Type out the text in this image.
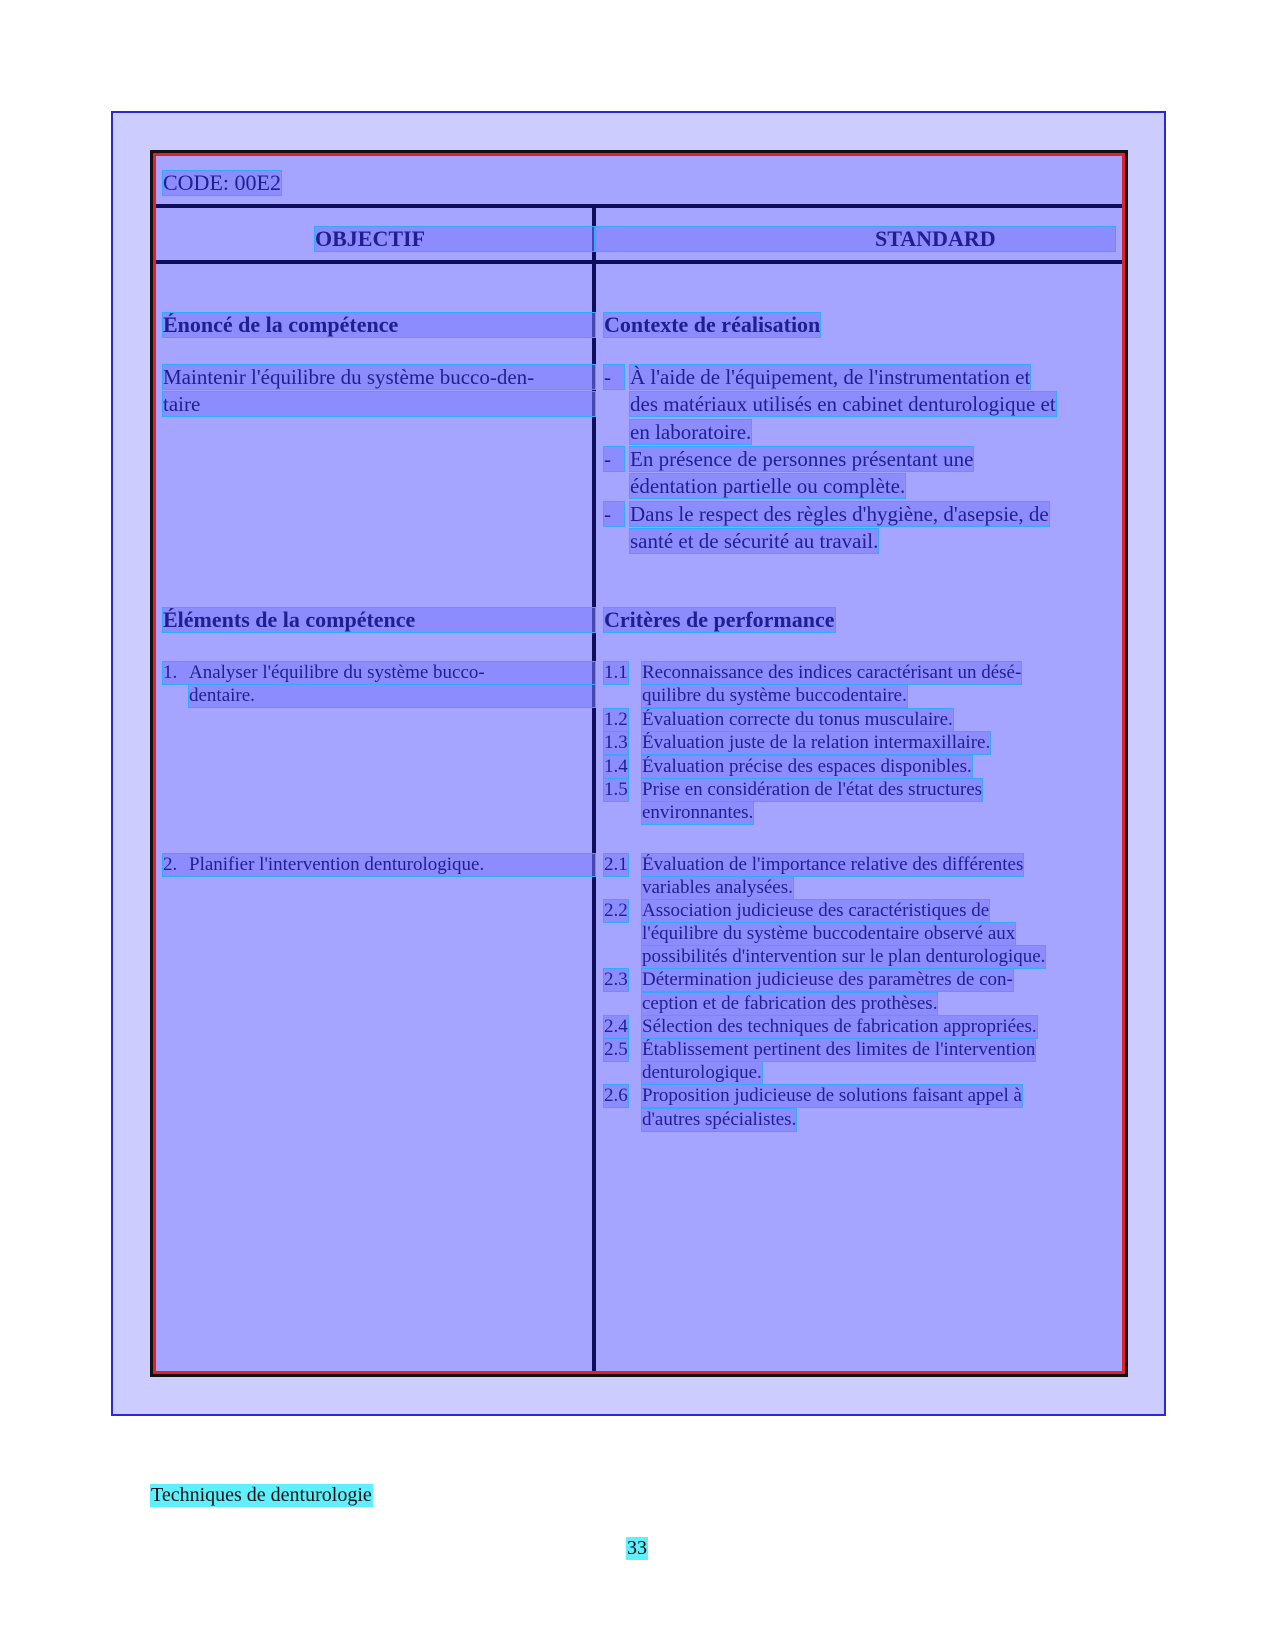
CODE: 00E2
OBJECTIF	STANDARD
Énoncé de la compétence
Maintenir l'équilibre du système bucco-den-
taire
Éléments de la compétence
1. Analyser l'équilibre du système bucco-
dentaire.
2. Planifier l'intervention denturologique.
Contexte de réalisation
- À l'aide de l'équipement, de l'instrumentation et
des matériaux utilisés en cabinet denturologique et
en laboratoire.
- En présence de personnes présentant une
édentation partielle ou complète.
- Dans le respect des règles d'hygiène, d'asepsie, de
santé et de sécurité au travail.
Critères de performance
1.1 Reconnaissance des indices caractérisant un désé-
quilibre du système buccodentaire.
1.2 Évaluation correcte du tonus musculaire.
1.3 Évaluation juste de la relation intermaxillaire.
1.4 Évaluation précise des espaces disponibles.
1.5 Prise en considération de l'état des structures
environnantes.
2.1 Évaluation de l'importance relative des différentes
variables analysées.
2.2 Association judicieuse des caractéristiques de
l'équilibre du système buccodentaire observé aux
possibilités d'intervention sur le plan denturologique.
2.3 Détermination judicieuse des paramètres de con-
ception et de fabrication des prothèses.
2.4 Sélection des techniques de fabrication appropriées.
2.5 Établissement pertinent des limites de l'intervention
denturologique.
2.6 Proposition judicieuse de solutions faisant appel à
d'autres spécialistes.
Techniques de denturologie
33
